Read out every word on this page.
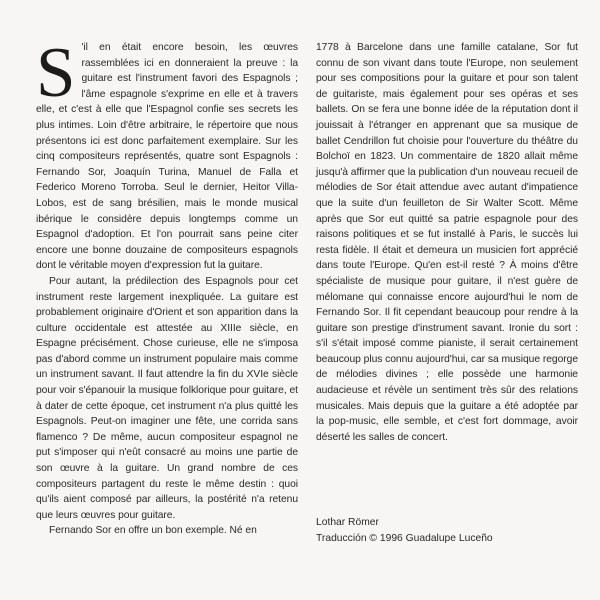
S 'il en était encore besoin, les œuvres rassemblées ici en donneraient la preuve : la guitare est l'instrument favori des Espagnols ; l'âme espagnole s'exprime en elle et à travers elle, et c'est à elle que l'Espagnol confie ses secrets les plus intimes. Loin d'être arbitraire, le répertoire que nous présentons ici est donc parfaitement exemplaire. Sur les cinq compositeurs représentés, quatre sont Espagnols : Fernando Sor, Joaquín Turina, Manuel de Falla et Federico Moreno Torroba. Seul le dernier, Heitor Villa-Lobos, est de sang brésilien, mais le monde musical ibérique le considère depuis longtemps comme un Espagnol d'adoption. Et l'on pourrait sans peine citer encore une bonne douzaine de compositeurs espagnols dont le véritable moyen d'expression fut la guitare.

Pour autant, la prédilection des Espagnols pour cet instrument reste largement inexpliquée. La guitare est probablement originaire d'Orient et son apparition dans la culture occidentale est attestée au XIIIe siècle, en Espagne précisément. Chose curieuse, elle ne s'imposa pas d'abord comme un instrument populaire mais comme un instrument savant. Il faut attendre la fin du XVIe siècle pour voir s'épanouir la musique folklorique pour guitare, et à dater de cette époque, cet instrument n'a plus quitté les Espagnols. Peut-on imaginer une fête, une corrida sans flamenco ? De même, aucun compositeur espagnol ne put s'imposer qui n'eût consacré au moins une partie de son œuvre à la guitare. Un grand nombre de ces compositeurs partagent du reste le même destin : quoi qu'ils aient composé par ailleurs, la postérité n'a retenu que leurs œuvres pour guitare.

Fernando Sor en offre un bon exemple. Né en

1778 à Barcelone dans une famille catalane, Sor fut connu de son vivant dans toute l'Europe, non seulement pour ses compositions pour la guitare et pour son talent de guitariste, mais également pour ses opéras et ses ballets. On se fera une bonne idée de la réputation dont il jouissait à l'étranger en apprenant que sa musique de ballet Cendrillon fut choisie pour l'ouverture du théâtre du Bolchoï en 1823. Un commentaire de 1820 allait même jusqu'à affirmer que la publication d'un nouveau recueil de mélodies de Sor était attendue avec autant d'impatience que la suite d'un feuilleton de Sir Walter Scott. Même après que Sor eut quitté sa patrie espagnole pour des raisons politiques et se fut installé à Paris, le succès lui resta fidèle. Il était et demeura un musicien fort apprécié dans toute l'Europe. Qu'en est-il resté ? À moins d'être spécialiste de musique pour guitare, il n'est guère de mélomane qui connaisse encore aujourd'hui le nom de Fernando Sor. Il fit cependant beaucoup pour rendre à la guitare son prestige d'instrument savant. Ironie du sort : s'il s'était imposé comme pianiste, il serait certainement beaucoup plus connu aujourd'hui, car sa musique regorge de mélodies divines ; elle possède une harmonie audacieuse et révèle un sentiment très sûr des relations musicales. Mais depuis que la guitare a été adoptée par la pop-music, elle semble, et c'est fort dommage, avoir déserté les salles de concert.

Lothar Römer
Traducción © 1996 Guadalupe Luceño
